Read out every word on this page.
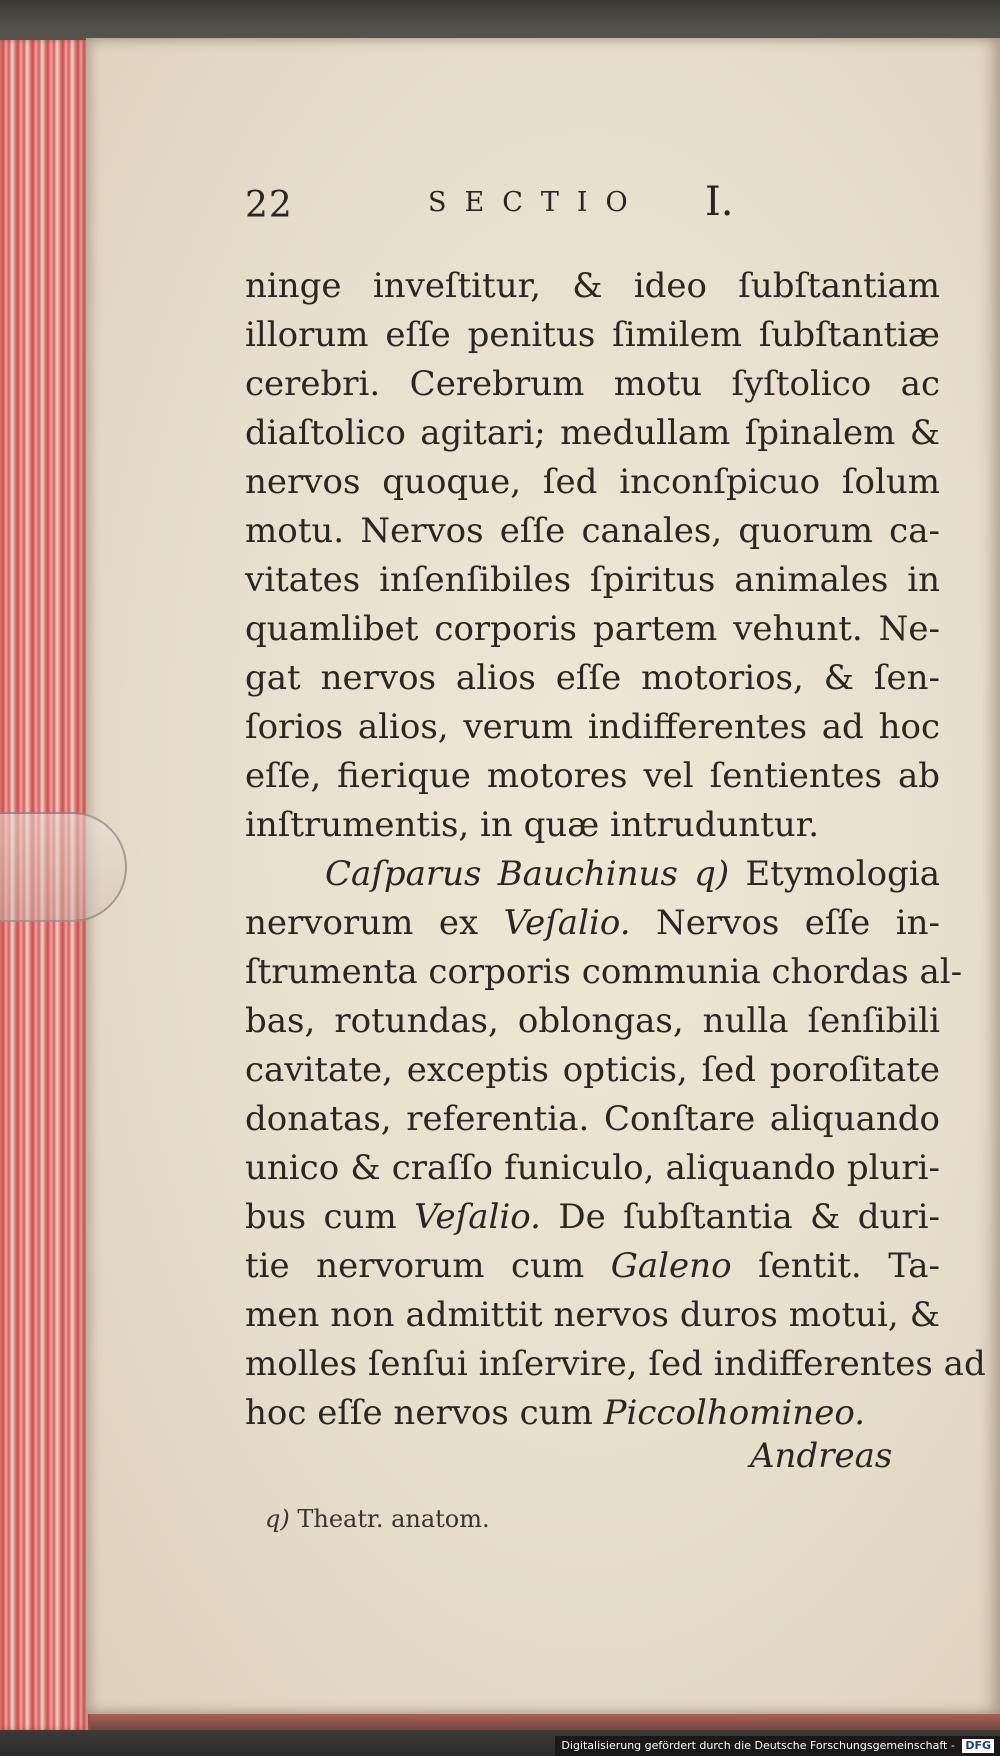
22	SECTIO I.
ninge inveſtitur, & ideo ſubſtantiam
illorum eſſe penitus ſimilem ſubſtantiæ
cerebri. Cerebrum motu ſyſtolico ac
diaſtolico agitari; medullam ſpinalem &
nervos quoque, ſed inconſpicuo ſolum
motu. Nervos eſſe canales, quorum ca-
vitates inſenſibiles ſpiritus animales in
quamlibet corporis partem vehunt. Ne-
gat nervos alios eſſe motorios, & ſen-
ſorios alios, verum indifferentes ad hoc
eſſe, fierique motores vel ſentientes ab
inſtrumentis, in quæ intruduntur.
Caſparus Bauchinus q) Etymologia
nervorum ex Veſalio. Nervos eſſe in-
ſtrumenta corporis communia chordas al-
bas, rotundas, oblongas, nulla ſenſibili
cavitate, exceptis opticis, ſed poroſitate
donatas, referentia. Conſtare aliquando
unico & craſſo funiculo, aliquando pluri-
bus cum Veſalio. De ſubſtantia & duri-
tie nervorum cum Galeno ſentit. Ta-
men non admittit nervos duros motui, &
molles ſenſui inſervire, ſed indifferentes ad
hoc eſſe nervos cum Piccolhomineo.
Andreas
q) Theatr. anatom.
Digitalisierung gefördert durch die Deutsche Forschungsgemeinschaft - DFG
